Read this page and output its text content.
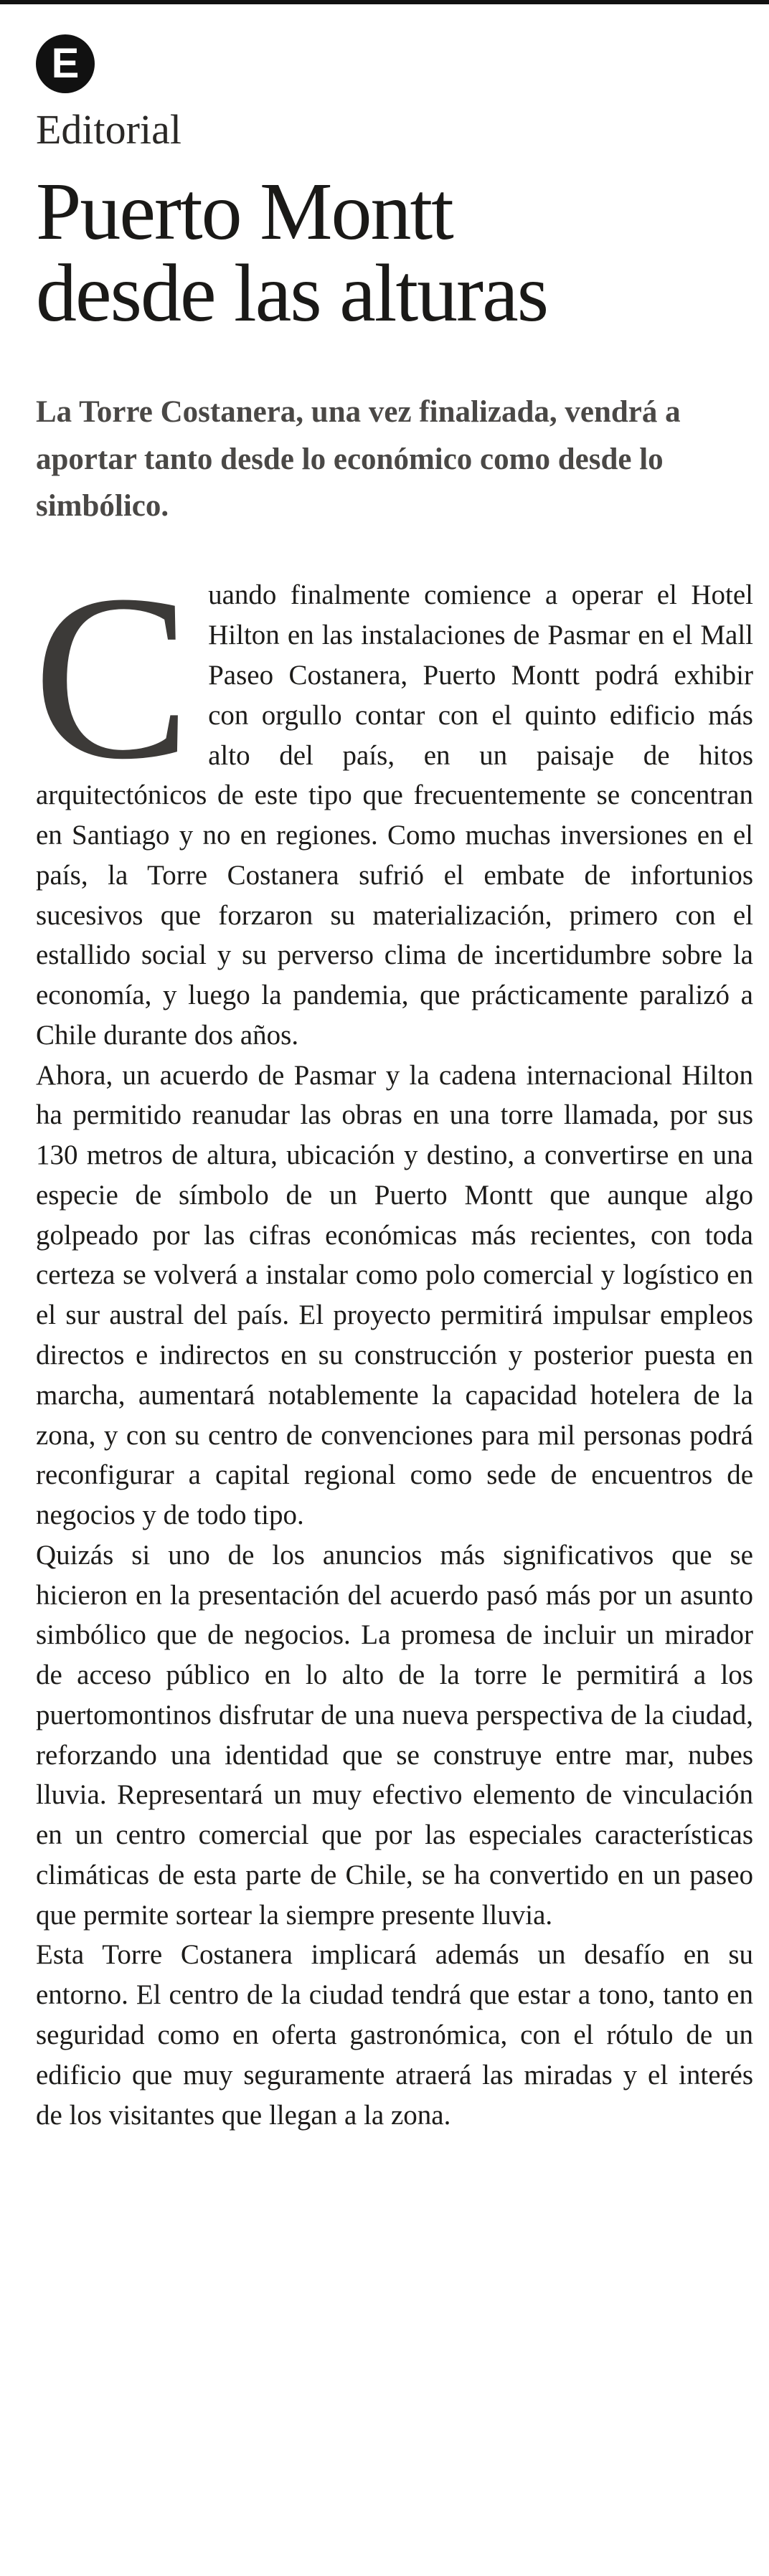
E
Editorial
Puerto Montt
desde las alturas
La Torre Costanera, una vez finalizada, vendrá a aportar tanto desde lo económico como desde lo simbólico.

Cuando finalmente comience a operar el Hotel Hilton en las instalaciones de Pasmar en el Mall Paseo Costanera, Puerto Montt podrá exhibir con orgullo contar con el quinto edificio más alto del país, en un paisaje de hitos arquitectónicos de este tipo que frecuentemente se concentran en Santiago y no en regiones. Como muchas inversiones en el país, la Torre Costanera sufrió el embate de infortunios sucesivos que forzaron su materialización, primero con el estallido social y su perverso clima de incertidumbre sobre la economía, y luego la pandemia, que prácticamente paralizó a Chile durante dos años.

Ahora, un acuerdo de Pasmar y la cadena internacional Hilton ha permitido reanudar las obras en una torre llamada, por sus 130 metros de altura, ubicación y destino, a convertirse en una especie de símbolo de un Puerto Montt que aunque algo golpeado por las cifras económicas más recientes, con toda certeza se volverá a instalar como polo comercial y logístico en el sur austral del país. El proyecto permitirá impulsar empleos directos e indirectos en su construcción y posterior puesta en marcha, aumentará notablemente la capacidad hotelera de la zona, y con su centro de convenciones para mil personas podrá reconfigurar a capital regional como sede de encuentros de negocios y de todo tipo.

Quizás si uno de los anuncios más significativos que se hicieron en la presentación del acuerdo pasó más por un asunto simbólico que de negocios. La promesa de incluir un mirador de acceso público en lo alto de la torre le permitirá a los puertomontinos disfrutar de una nueva perspectiva de la ciudad, reforzando una identidad que se construye entre mar, nubes lluvia. Representará un muy efectivo elemento de vinculación en un centro comercial que por las especiales características climáticas de esta parte de Chile, se ha convertido en un paseo que permite sortear la siempre presente lluvia.

Esta Torre Costanera implicará además un desafío en su entorno. El centro de la ciudad tendrá que estar a tono, tanto en seguridad como en oferta gastronómica, con el rótulo de un edificio que muy seguramente atraerá las miradas y el interés de los visitantes que llegan a la zona.
